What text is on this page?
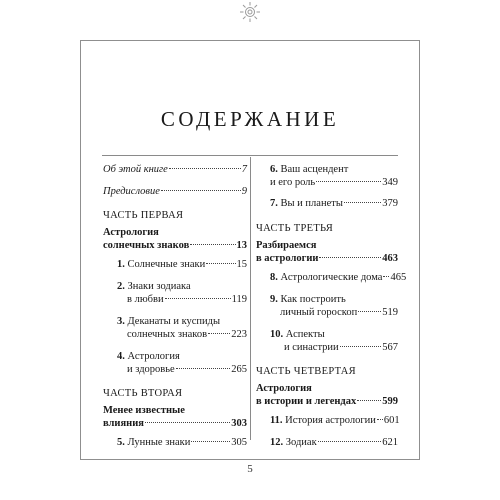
СОДЕРЖАНИЕ
Об этой книге	7
Предисловие	9
ЧАСТЬ ПЕРВАЯ
Астрология
солнечных знаков	13
1. Солнечные знаки	15
2. Знаки зодиака
в любви	119
3. Деканаты и куспиды
солнечных знаков 223
4. Астрология
и здоровье	265
ЧАСТЬ ВТОРАЯ
Менее известные
влияния	303
5. Лунные знаки	305
6. Ваш асцендент
и его роль	349
7. Вы и планеты	379
ЧАСТЬ ТРЕТЬЯ
Разбираемся
в астрологии	463
8. Астрологические дома 465
9. Как построить
личный гороскоп 519
10. Аспекты
и синастрии	567
ЧАСТЬ ЧЕТВЕРТАЯ
Астрология
в истории и легендах 599
11. История астрологии 601
12. Зодиак	621
5
